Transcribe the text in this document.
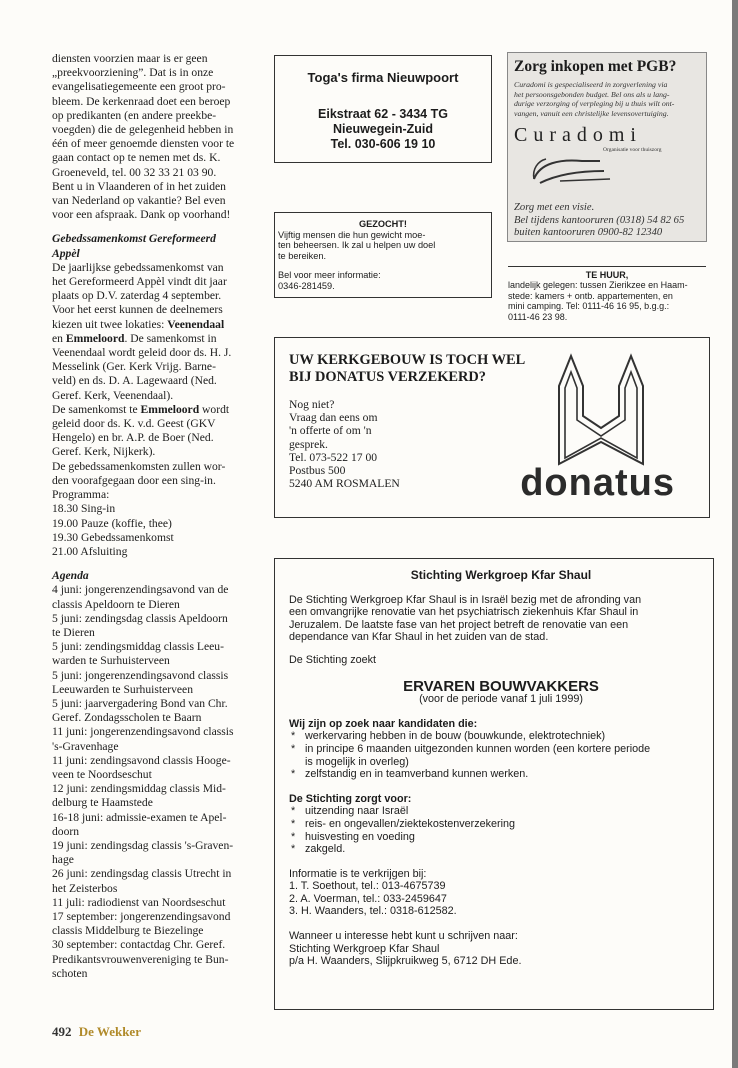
diensten voorzien maar is er geen
„preekvoorziening”. Dat is in onze
evangelisatiegemeente een groot pro-
bleem. De kerkenraad doet een beroep
op predikanten (en andere preekbe-
voegden) die de gelegenheid hebben in
één of meer genoemde diensten voor te
gaan contact op te nemen met ds. K.
Groeneveld, tel. 00 32 33 21 03 90.
Bent u in Vlaanderen of in het zuiden
van Nederland op vakantie? Bel even
voor een afspraak. Dank op voorhand!

Gebedssamenkomst Gereformeerd
Appèl

De jaarlijkse gebedssamenkomst van
het Gereformeerd Appèl vindt dit jaar
plaats op D.V. zaterdag 4 september.
Voor het eerst kunnen de deelnemers
kiezen uit twee lokaties: Veenendaal
en Emmeloord. De samenkomst in
Veenendaal wordt geleid door ds. H. J.
Messelink (Ger. Kerk Vrijg. Barne-
veld) en ds. D. A. Lagewaard (Ned.
Geref. Kerk, Veenendaal).
De samenkomst te Emmeloord wordt
geleid door ds. K. v.d. Geest (GKV
Hengelo) en br. A.P. de Boer (Ned.
Geref. Kerk, Nijkerk).
De gebedssamenkomsten zullen wor-
den voorafgegaan door een sing-in.
Programma:
18.30 Sing-in
19.00 Pauze (koffie, thee)
19.30 Gebedssamenkomst
21.00 Afsluiting

Agenda

4 juni: jongerenzendingsavond van de
classis Apeldoorn te Dieren
5 juni: zendingsdag classis Apeldoorn
te Dieren
5 juni: zendingsmiddag classis Leeu-
warden te Surhuisterveen
5 juni: jongerenzendingsavond classis
Leeuwarden te Surhuisterveen
5 juni: jaarvergadering Bond van Chr.
Geref. Zondagsscholen te Baarn
11 juni: jongerenzendingsavond classis
's-Gravenhage
11 juni: zendingsavond classis Hooge-
veen te Noordseschut
12 juni: zendingsmiddag classis Mid-
delburg te Haamstede
16-18 juni: admissie-examen te Apel-
doorn
19 juni: zendingsdag classis 's-Graven-
hage
26 juni: zendingsdag classis Utrecht in
het Zeisterbos
11 juli: radiodienst van Noordseschut
17 september: jongerenzendingsavond
classis Middelburg te Biezelinge
30 september: contactdag Chr. Geref.
Predikantsvrouwenvereniging te Bun-
schoten

Toga's firma Nieuwpoort
Eikstraat 62 - 3434 TG
Nieuwegein-Zuid
Tel. 030-606 19 10
GEZOCHT!
Vijftig mensen die hun gewicht moe-
ten beheersen. Ik zal u helpen uw doel
te bereiken.
Bel voor meer informatie:
0346-281459.
Zorg inkopen met PGB?
Curadomi is gespecialiseerd in zorgverlening via
het persoonsgebonden budget. Bel ons als u lang-
durige verzorging of verpleging bij u thuis wilt ont-
vangen, vanuit een christelijke levensovertuiging.
Curadomi
Organisatie voor thuiszorg
Zorg met een visie.
Bel tijdens kantooruren (0318) 54 82 65
buiten kantooruren 0900-82 12340
TE HUUR,
landelijk gelegen: tussen Zierikzee en Haam-
stede: kamers + ontb. appartementen, en
mini camping. Tel: 0111-46 16 95, b.g.g.:
0111-46 23 98.
UW KERKGEBOUW IS TOCH WEL
BIJ DONATUS VERZEKERD?
Nog niet?
Vraag dan eens om
'n offerte of om 'n
gesprek.
Tel. 073-522 17 00
Postbus 500
5240 AM ROSMALEN	donatus
Stichting Werkgroep Kfar Shaul

De Stichting Werkgroep Kfar Shaul is in Israël bezig met de afronding van
een omvangrijke renovatie van het psychiatrisch ziekenhuis Kfar Shaul in
Jeruzalem. De laatste fase van het project betreft de renovatie van een
dependance van Kfar Shaul in het zuiden van de stad.

De Stichting zoekt

ERVAREN BOUWVAKKERS
(voor de periode vanaf 1 juli 1999)
Wij zijn op zoek naar kandidaten die:
* werkervaring hebben in de bouw (bouwkunde, elektrotechniek)
* in principe 6 maanden uitgezonden kunnen worden (een kortere periode
is mogelijk in overleg)
* zelfstandig en in teamverband kunnen werken.
De Stichting zorgt voor:
* uitzending naar Israël
* reis- en ongevallen/ziektekostenverzekering
* huisvesting en voeding
* zakgeld.

Informatie is te verkrijgen bij:

1. T. Soethout, tel.: 013-4675739
2. A. Voerman, tel.: 033-2459647
3. H. Waanders, tel.: 0318-612582.

Wanneer u interesse hebt kunt u schrijven naar:
Stichting Werkgroep Kfar Shaul
p/a H. Waanders, Slijpkruikweg 5, 6712 DH Ede.

492 De Wekker
